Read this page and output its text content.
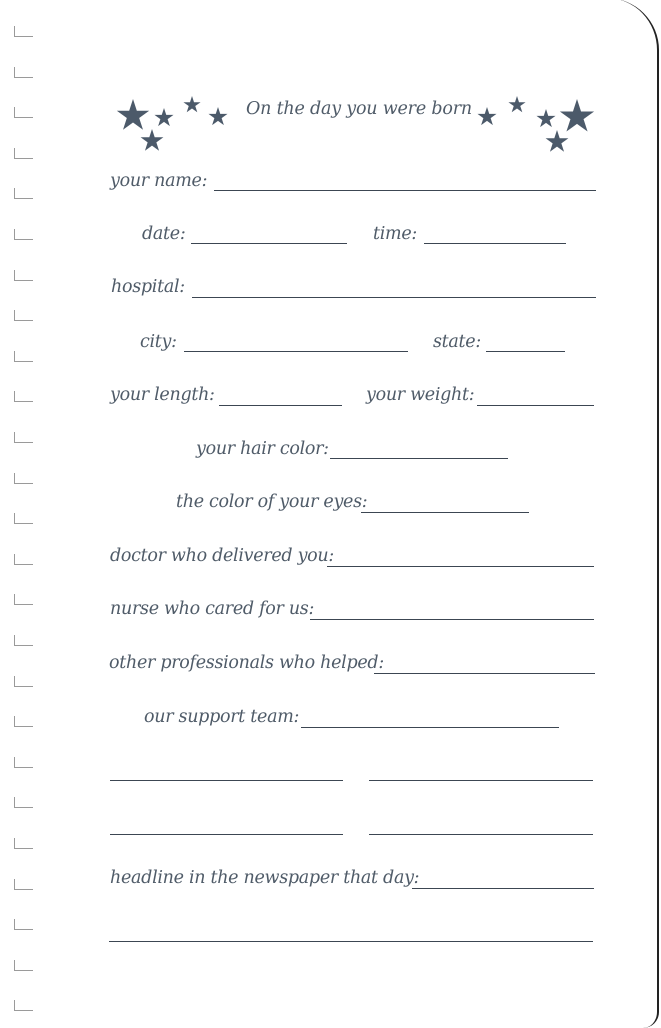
On the day you were born
your name:
date:	time:
hospital:
city:	state:
your length:	your weight:
your hair color:
the color of your eyes:
doctor who delivered you:
nurse who cared for us:
other professionals who helped:
our support team:
headline in the newspaper that day:
